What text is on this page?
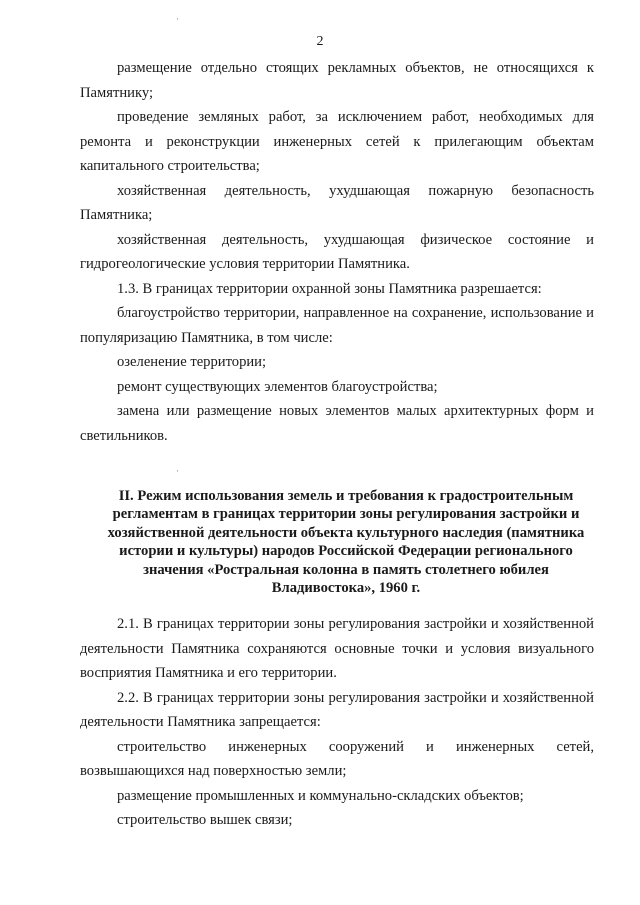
2

размещение отдельно стоящих рекламных объектов, не относящихся к Памятнику;

проведение земляных работ, за исключением работ, необходимых для ремонта и реконструкции инженерных сетей к прилегающим объектам капитального строительства;

хозяйственная деятельность, ухудшающая пожарную безопасность Памятника;

хозяйственная деятельность, ухудшающая физическое состояние и гидрогеологические условия территории Памятника.

1.3. В границах территории охранной зоны Памятника разрешается:

благоустройство территории, направленное на сохранение, использование и популяризацию Памятника, в том числе:

озеленение территории;

ремонт существующих элементов благоустройства;

замена или размещение новых элементов малых архитектурных форм и светильников.

II. Режим использования земель и требования к градостроительным регламентам в границах территории зоны регулирования застройки и хозяйственной деятельности объекта культурного наследия (памятника истории и культуры) народов Российской Федерации регионального значения «Ростральная колонна в память столетнего юбилея Владивостока», 1960 г.

2.1. В границах территории зоны регулирования застройки и хозяйственной деятельности Памятника сохраняются основные точки и условия визуального восприятия Памятника и его территории.

2.2. В границах территории зоны регулирования застройки и хозяйственной деятельности Памятника запрещается:

строительство инженерных сооружений и инженерных сетей, возвышающихся над поверхностью земли;

размещение промышленных и коммунально-складских объектов;

строительство вышек связи;

·
·
